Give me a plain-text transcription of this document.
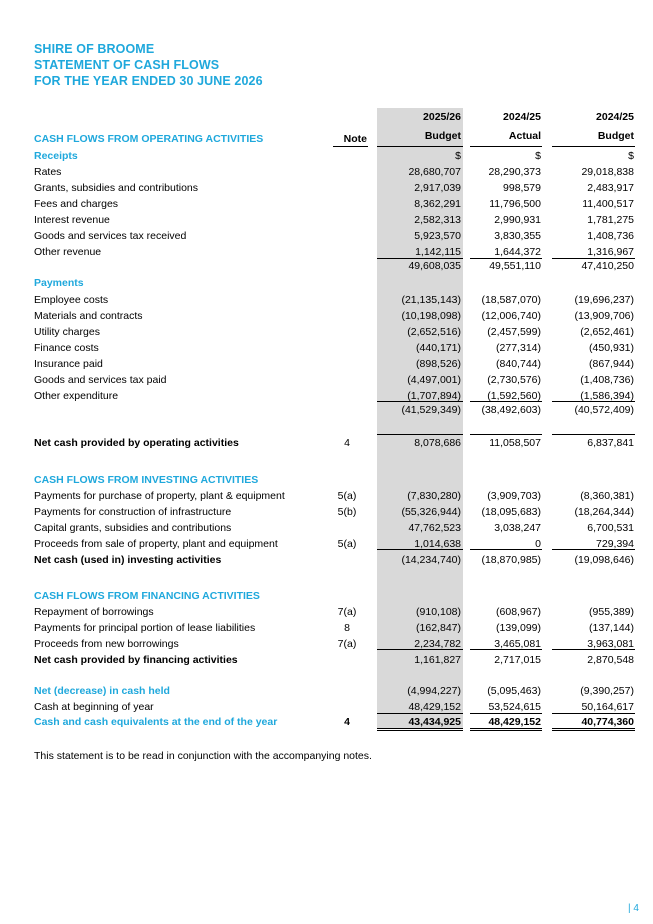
SHIRE OF BROOME
STATEMENT OF CASH FLOWS
FOR THE YEAR ENDED 30 JUNE 2026
2025/26	2024/25	2024/25
Note	Budget	Actual	Budget
CASH FLOWS FROM OPERATING ACTIVITIES
Receipts	$	$	$
Rates	28,680,707	28,290,373	29,018,838
Grants, subsidies and contributions	2,917,039	998,579	2,483,917
Fees and charges	8,362,291	11,796,500	11,400,517
Interest revenue	2,582,313	2,990,931	1,781,275
Goods and services tax received	5,923,570	3,830,355	1,408,736
Other revenue	1,142,115	1,644,372	1,316,967
49,608,035	49,551,110	47,410,250
Payments
Employee costs	(21,135,143)	(18,587,070)	(19,696,237)
Materials and contracts	(10,198,098)	(12,006,740)	(13,909,706)
Utility charges	(2,652,516)	(2,457,599)	(2,652,461)
Finance costs	(440,171)	(277,314)	(450,931)
Insurance paid	(898,526)	(840,744)	(867,944)
Goods and services tax paid	(4,497,001)	(2,730,576)	(1,408,736)
Other expenditure	(1,707,894)	(1,592,560)	(1,586,394)
(41,529,349)	(38,492,603)	(40,572,409)
Net cash provided by operating activities	4	8,078,686	11,058,507	6,837,841
CASH FLOWS FROM INVESTING ACTIVITIES
Payments for purchase of property, plant & equipment	5(a)	(7,830,280)	(3,909,703)	(8,360,381)
Payments for construction of infrastructure	5(b)	(55,326,944)	(18,095,683)	(18,264,344)
Capital grants, subsidies and contributions	47,762,523	3,038,247	6,700,531
Proceeds from sale of property, plant and equipment	5(a)	1,014,638	0	729,394
Net cash (used in) investing activities	(14,234,740)	(18,870,985)	(19,098,646)
CASH FLOWS FROM FINANCING ACTIVITIES
Repayment of borrowings	7(a)	(910,108)	(608,967)	(955,389)
Payments for principal portion of lease liabilities	8	(162,847)	(139,099)	(137,144)
Proceeds from new borrowings	7(a)	2,234,782	3,465,081	3,963,081
Net cash provided by financing activities	1,161,827	2,717,015	2,870,548
Net (decrease) in cash held	(4,994,227)	(5,095,463)	(9,390,257)
Cash at beginning of year	48,429,152	53,524,615	50,164,617
Cash and cash equivalents at the end of the year	4	43,434,925	48,429,152	40,774,360
This statement is to be read in conjunction with the accompanying notes.
| 4
